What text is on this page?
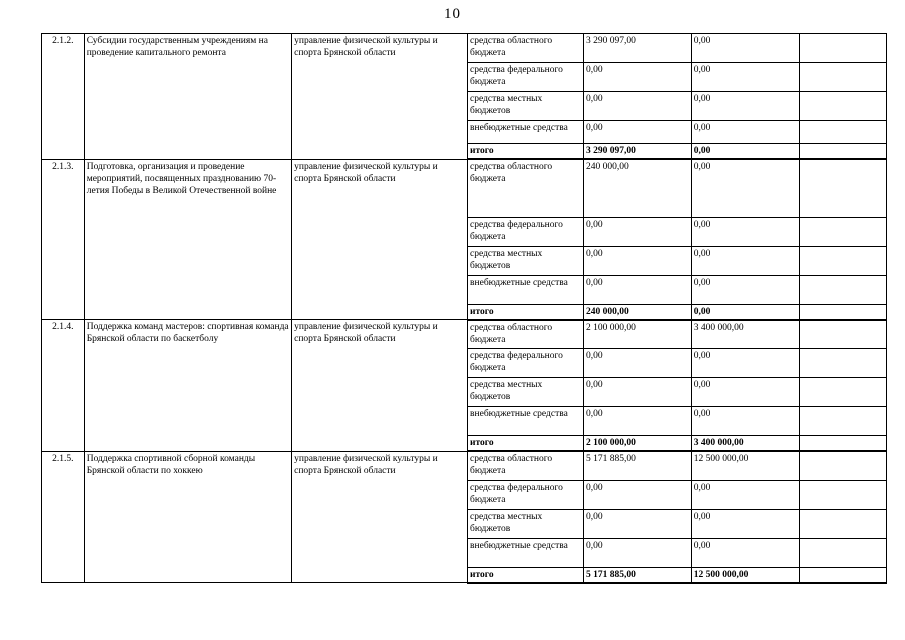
10
2.1.2.	Субсидии государственным учреждениям на проведение капитального ремонта	управление физической культуры и спорта Брянской области	средства областного бюджета	3 290 097,00	0,00	
			средства федерального бюджета	0,00	0,00	
			средства местных бюджетов	0,00	0,00	
			внебюджетные средства	0,00	0,00	
			итого	3 290 097,00	0,00	
2.1.3.	Подготовка, организация и проведение мероприятий, посвященных празднованию 70-летия Победы в Великой Отечественной войне	управление физической культуры и спорта Брянской области	средства областного бюджета	240 000,00	0,00	
			средства федерального бюджета	0,00	0,00	
			средства местных бюджетов	0,00	0,00	
			внебюджетные средства	0,00	0,00	
			итого	240 000,00	0,00	
2.1.4.	Поддержка команд мастеров: спортивная команда Брянской области по баскетболу	управление физической культуры и спорта Брянской области	средства областного бюджета	2 100 000,00	3 400 000,00	
			средства федерального бюджета	0,00	0,00	
			средства местных бюджетов	0,00	0,00	
			внебюджетные средства	0,00	0,00	
			итого	2 100 000,00	3 400 000,00	
2.1.5.	Поддержка спортивной сборной команды Брянской области по хоккею	управление физической культуры и спорта Брянской области	средства областного бюджета	5 171 885,00	12 500 000,00	
			средства федерального бюджета	0,00	0,00	
			средства местных бюджетов	0,00	0,00	
			внебюджетные средства	0,00	0,00	
			итого	5 171 885,00	12 500 000,00	
